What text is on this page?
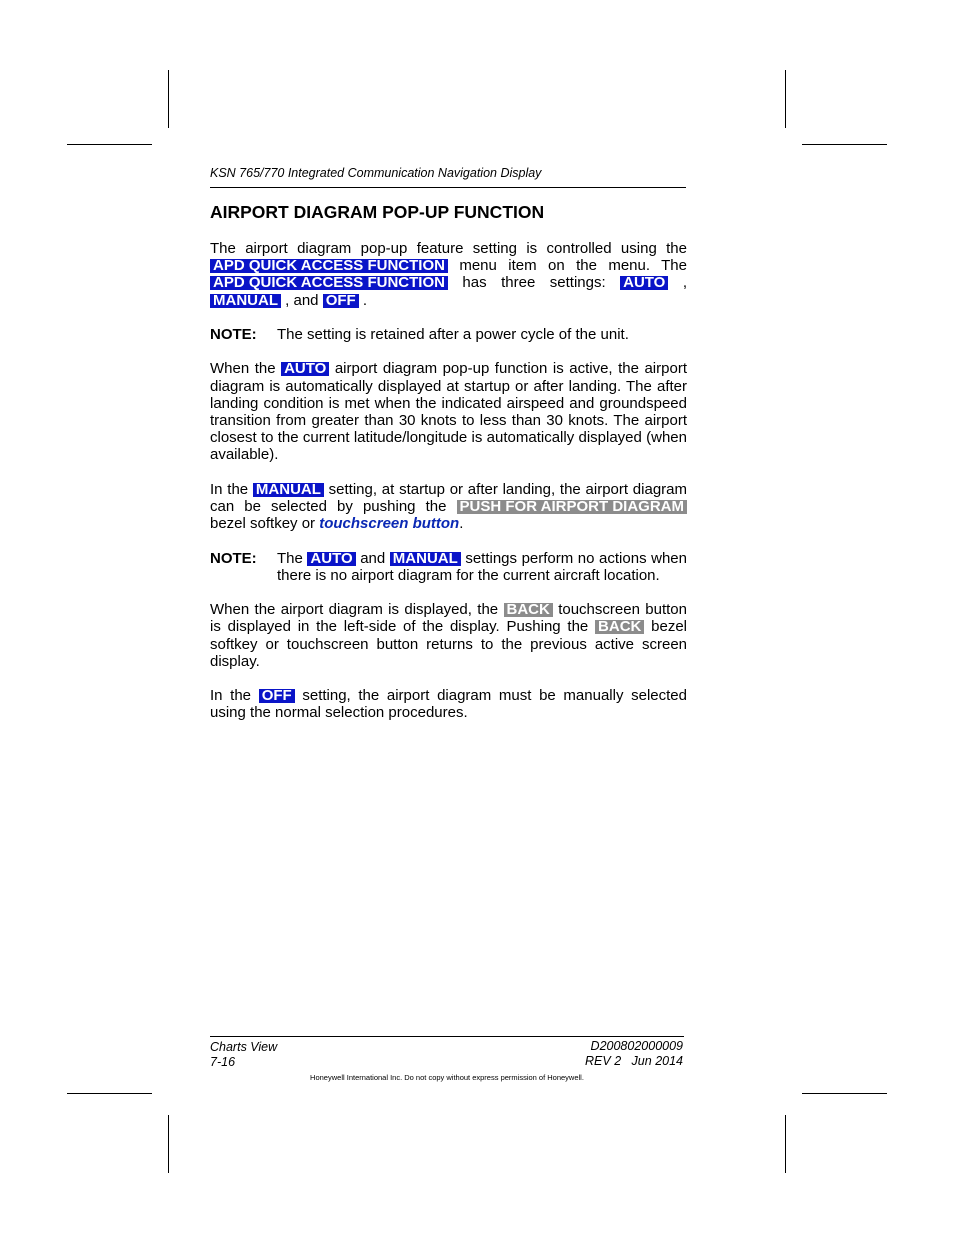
KSN 765/770 Integrated Communication Navigation Display
AIRPORT DIAGRAM POP-UP FUNCTION

The airport diagram pop-up feature setting is controlled using the APD QUICK ACCESS FUNCTION menu item on the menu. The APD QUICK ACCESS FUNCTION has three settings: AUTO , MANUAL , and OFF .

NOTE:	The setting is retained after a power cycle of the unit.

When the AUTO airport diagram pop-up function is active, the airport diagram is automatically displayed at startup or after landing. The after landing condition is met when the indicated airspeed and groundspeed transition from greater than 30 knots to less than 30 knots. The airport closest to the current latitude/longitude is automatically displayed (when available).

In the MANUAL setting, at startup or after landing, the airport diagram can be selected by pushing the PUSH FOR AIRPORT DIAGRAM bezel softkey or touchscreen button.

NOTE:	The AUTO and MANUAL settings perform no actions when there is no airport diagram for the current aircraft location.

When the airport diagram is displayed, the BACK touchscreen button is displayed in the left-side of the display. Pushing the BACK bezel softkey or touchscreen button returns to the previous active screen display.

In the OFF setting, the airport diagram must be manually selected using the normal selection procedures.

Charts View
7-16
D200802000009
REV 2   Jun 2014
Honeywell International Inc. Do not copy without express permission of Honeywell.
